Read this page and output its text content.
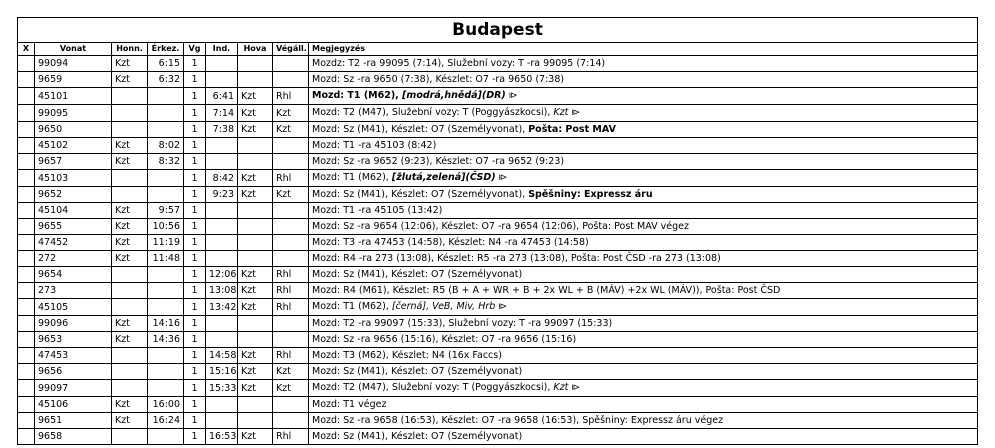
Budapest								
X	Vonat	Honn.	Érkez.	Vg	Ind.	Hova	Végáll.	Megjegyzés
	99094	Kzt	6:15	1				Mozdz: T2 -ra 99095 (7:14), Služební vozy: T -ra 99095 (7:14)
	9659	Kzt	6:32	1				Mozd: Sz -ra 9650 (7:38), Készlet: O7 -ra 9650 (7:38)
	45101			1	6:41	Kzt	Rhl	Mozd: T1 (M62), [modrá,hnědá](DR) ⧐
	99095			1	7:14	Kzt	Kzt	Mozd: T2 (M47), Služební vozy: T (Poggyászkocsi), Kzt ⧐
	9650			1	7:38	Kzt	Kzt	Mozd: Sz (M41), Készlet: O7 (Személyvonat), Pošta: Post MAV
	45102	Kzt	8:02	1				Mozd: T1 -ra 45103 (8:42)
	9657	Kzt	8:32	1				Mozd: Sz -ra 9652 (9:23), Készlet: O7 -ra 9652 (9:23)
	45103			1	8:42	Kzt	Rhl	Mozd: T1 (M62), [žlutá,zelená](ČSD) ⧐
	9652			1	9:23	Kzt	Kzt	Mozd: Sz (M41), Készlet: O7 (Személyvonat), Spěšniny: Expressz áru
	45104	Kzt	9:57	1				Mozd: T1 -ra 45105 (13:42)
	9655	Kzt	10:56	1				Mozd: Sz -ra 9654 (12:06), Készlet: O7 -ra 9654 (12:06), Pošta: Post MAV végez
	47452	Kzt	11:19	1				Mozd: T3 -ra 47453 (14:58), Készlet: N4 -ra 47453 (14:58)
	272	Kzt	11:48	1				Mozd: R4 -ra 273 (13:08), Készlet: R5 -ra 273 (13:08), Pošta: Post ČSD -ra 273 (13:08)
	9654			1	12:06	Kzt	Rhl	Mozd: Sz (M41), Készlet: O7 (Személyvonat)
	273			1	13:08	Kzt	Rhl	Mozd: R4 (M61), Készlet: R5 (B + A + WR + B + 2x WL + B (MÁV) +2x WL (MÁV)), Pošta: Post ČSD
	45105			1	13:42	Kzt	Rhl	Mozd: T1 (M62), [černá], VeB, Miv, Hrb ⧐
	99096	Kzt	14:16	1				Mozd: T2 -ra 99097 (15:33), Služební vozy: T -ra 99097 (15:33)
	9653	Kzt	14:36	1				Mozd: Sz -ra 9656 (15:16), Készlet: O7 -ra 9656 (15:16)
	47453			1	14:58	Kzt	Rhl	Mozd: T3 (M62), Készlet: N4 (16x Faccs)
	9656			1	15:16	Kzt	Kzt	Mozd: Sz (M41), Készlet: O7 (Személyvonat)
	99097			1	15:33	Kzt	Kzt	Mozd: T2 (M47), Služební vozy: T (Poggyászkocsi), Kzt ⧐
	45106	Kzt	16:00	1				Mozd: T1 végez
	9651	Kzt	16:24	1				Mozd: Sz -ra 9658 (16:53), Készlet: O7 -ra 9658 (16:53), Spěšniny: Expressz áru végez
	9658			1	16:53	Kzt	Rhl	Mozd: Sz (M41), Készlet: O7 (Személyvonat)
